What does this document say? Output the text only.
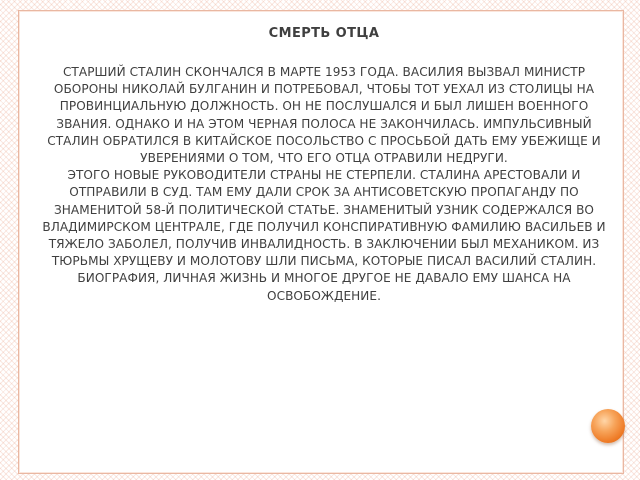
СМЕРТЬ ОТЦА

СТАРШИЙ СТАЛИН СКОНЧАЛСЯ В МАРТЕ 1953 ГОДА. ВАСИЛИЯ ВЫЗВАЛ МИНИСТР ОБОРОНЫ НИКОЛАЙ БУЛГАНИН И ПОТРЕБОВАЛ, ЧТОБЫ ТОТ УЕХАЛ ИЗ СТОЛИЦЫ НА ПРОВИНЦИАЛЬНУЮ ДОЛЖНОСТЬ. ОН НЕ ПОСЛУШАЛСЯ И БЫЛ ЛИШЕН ВОЕННОГО ЗВАНИЯ. ОДНАКО И НА ЭТОМ ЧЕРНАЯ ПОЛОСА НЕ ЗАКОНЧИЛАСЬ. ИМПУЛЬСИВНЫЙ СТАЛИН ОБРАТИЛСЯ В КИТАЙСКОЕ ПОСОЛЬСТВО С ПРОСЬБОЙ ДАТЬ ЕМУ УБЕЖИЩЕ И УВЕРЕНИЯМИ О ТОМ, ЧТО ЕГО ОТЦА ОТРАВИЛИ НЕДРУГИ.

ЭТОГО НОВЫЕ РУКОВОДИТЕЛИ СТРАНЫ НЕ СТЕРПЕЛИ. СТАЛИНА АРЕСТОВАЛИ И ОТПРАВИЛИ В СУД. ТАМ ЕМУ ДАЛИ СРОК ЗА АНТИСОВЕТСКУЮ ПРОПАГАНДУ ПО ЗНАМЕНИТОЙ 58-Й ПОЛИТИЧЕСКОЙ СТАТЬЕ. ЗНАМЕНИТЫЙ УЗНИК СОДЕРЖАЛСЯ ВО ВЛАДИМИРСКОМ ЦЕНТРАЛЕ, ГДЕ ПОЛУЧИЛ КОНСПИРАТИВНУЮ ФАМИЛИЮ ВАСИЛЬЕВ И ТЯЖЕЛО ЗАБОЛЕЛ, ПОЛУЧИВ ИНВАЛИДНОСТЬ. В ЗАКЛЮЧЕНИИ БЫЛ МЕХАНИКОМ. ИЗ ТЮРЬМЫ ХРУЩЕВУ И МОЛОТОВУ ШЛИ ПИСЬМА, КОТОРЫЕ ПИСАЛ ВАСИЛИЙ СТАЛИН. БИОГРАФИЯ, ЛИЧНАЯ ЖИЗНЬ И МНОГОЕ ДРУГОЕ НЕ ДАВАЛО ЕМУ ШАНСА НА ОСВОБОЖДЕНИЕ.
